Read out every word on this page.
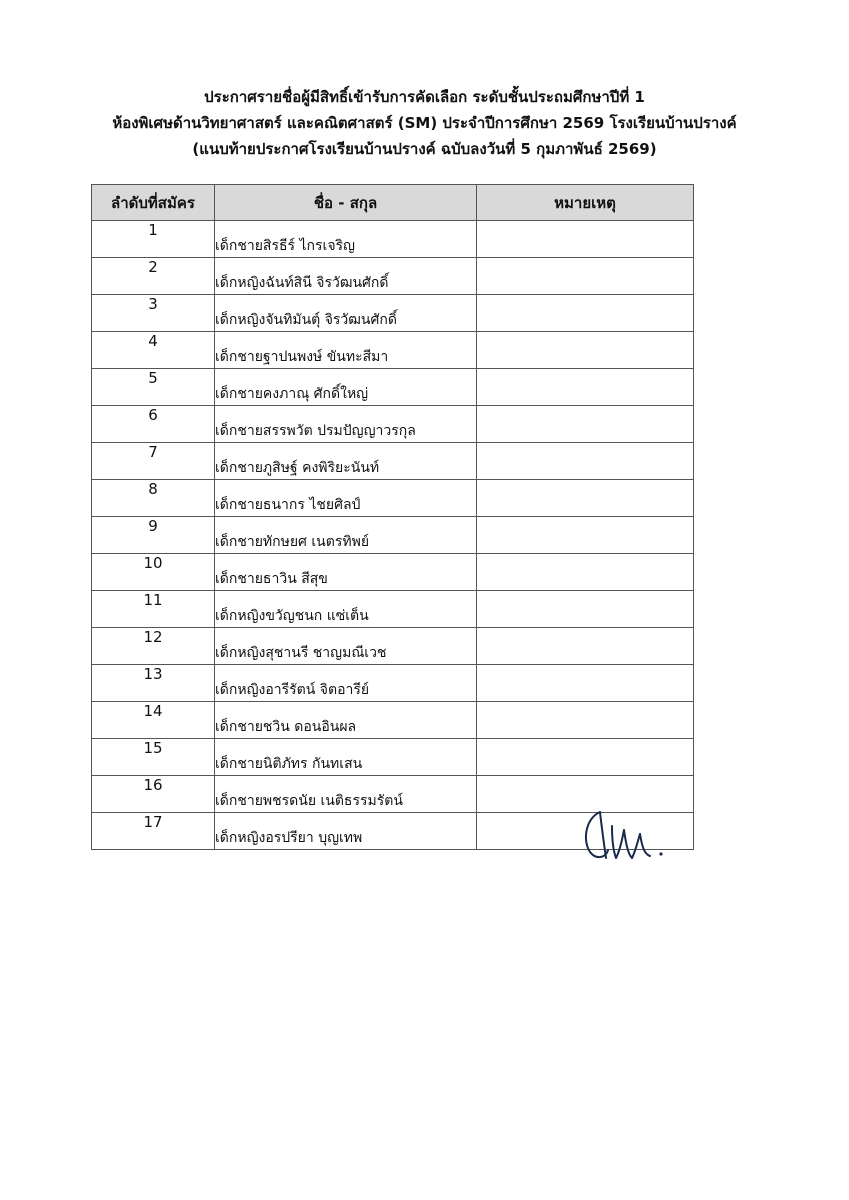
ประกาศรายชื่อผู้มีสิทธิ์เข้ารับการคัดเลือก ระดับชั้นประถมศึกษาปีที่ 1
ห้องพิเศษด้านวิทยาศาสตร์ และคณิตศาสตร์ (SM) ประจำปีการศึกษา 2569 โรงเรียนบ้านปรางค์
(แนบท้ายประกาศโรงเรียนบ้านปรางค์ ฉบับลงวันที่ 5 กุมภาพันธ์ 2569)
ลำดับที่สมัคร	ชื่อ - สกุล	หมายเหตุ
1	เด็กชายสิรธีร์ ไกรเจริญ	
2	เด็กหญิงฉันท์สินี จิรวัฒนศักดิ์	
3	เด็กหญิงจันทิมันตุ์ จิรวัฒนศักดิ์	
4	เด็กชายฐาปนพงษ์ ขันทะสีมา	
5	เด็กชายคงภาณุ ศักดิ์ใหญ่	
6	เด็กชายสรรพวัต ปรมปัญญาวรกุล	
7	เด็กชายภูสิษฐ์ คงพิริยะนันท์	
8	เด็กชายธนากร ไชยศิลป์	
9	เด็กชายทักษยศ เนตรทิพย์	
10	เด็กชายธาวิน สีสุข	
11	เด็กหญิงขวัญชนก แซ่เต็น	
12	เด็กหญิงสุชานรี ชาญมณีเวช	
13	เด็กหญิงอารีรัตน์ จิตอารีย์	
14	เด็กชายชวิน ดอนอินผล	
15	เด็กชายนิติภัทร กันทเสน	
16	เด็กชายพชรดนัย เนติธรรมรัตน์	
17	เด็กหญิงอรปรียา บุญเทพ	
